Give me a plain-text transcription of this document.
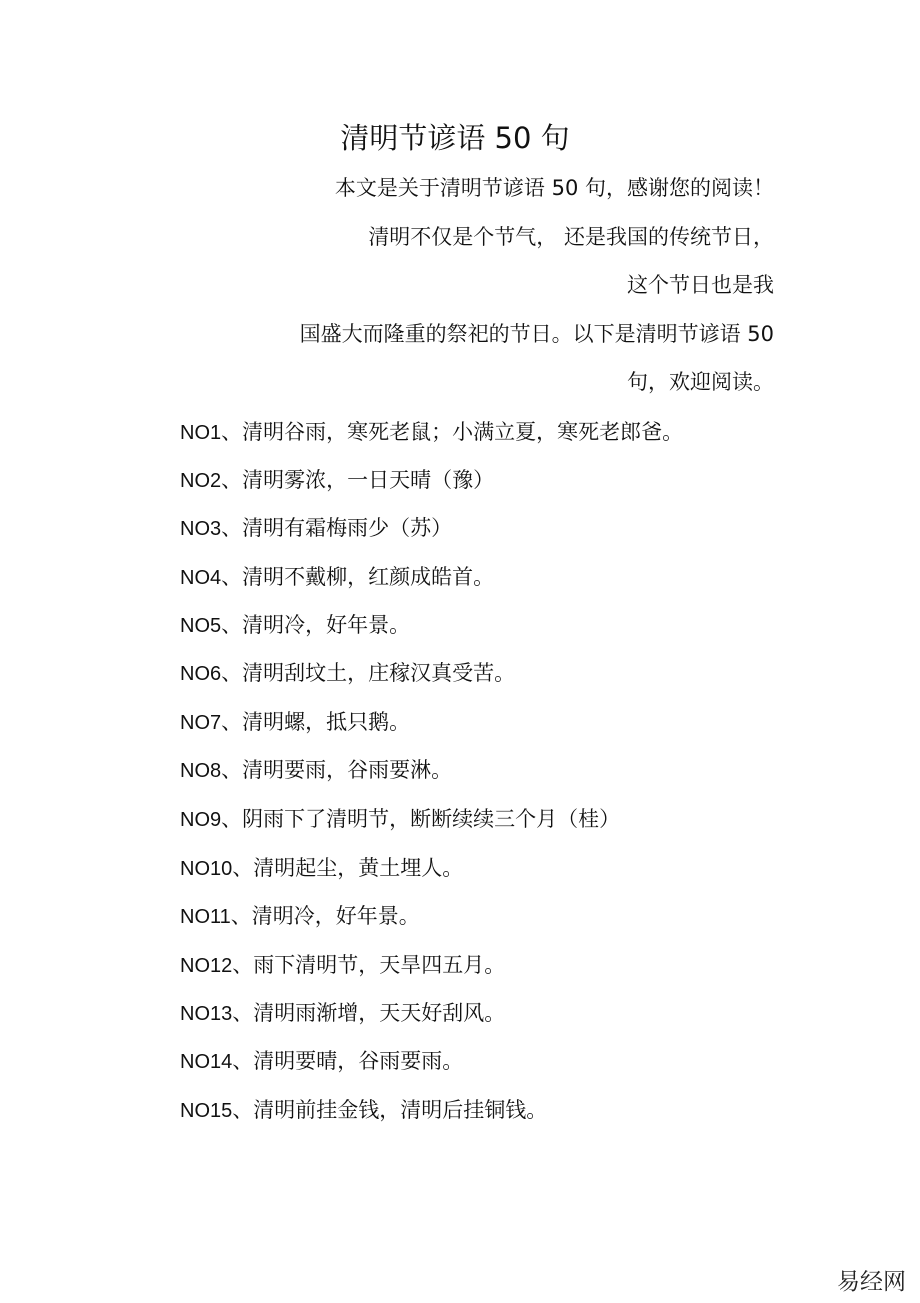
清明节谚语 50 句
本文是关于清明节谚语 50 句，感谢您的阅读！
清明不仅是个节气， 还是我国的传统节日，
这个节日也是我
国盛大而隆重的祭祀的节日。以下是清明节谚语 50
句，欢迎阅读。
NO1、清明谷雨，寒死老鼠；小满立夏，寒死老郎爸。
NO2、清明雾浓，一日天晴（豫）
NO3、清明有霜梅雨少（苏）
NO4、清明不戴柳，红颜成皓首。
NO5、清明冷，好年景。
NO6、清明刮坟土，庄稼汉真受苦。
NO7、清明螺，抵只鹅。
NO8、清明要雨，谷雨要淋。
NO9、阴雨下了清明节，断断续续三个月（桂）
NO10、清明起尘，黄土埋人。
NO11、清明冷，好年景。
NO12、雨下清明节，天旱四五月。
NO13、清明雨渐增，天天好刮风。
NO14、清明要晴，谷雨要雨。
NO15、清明前挂金钱，清明后挂铜钱。
易经网
